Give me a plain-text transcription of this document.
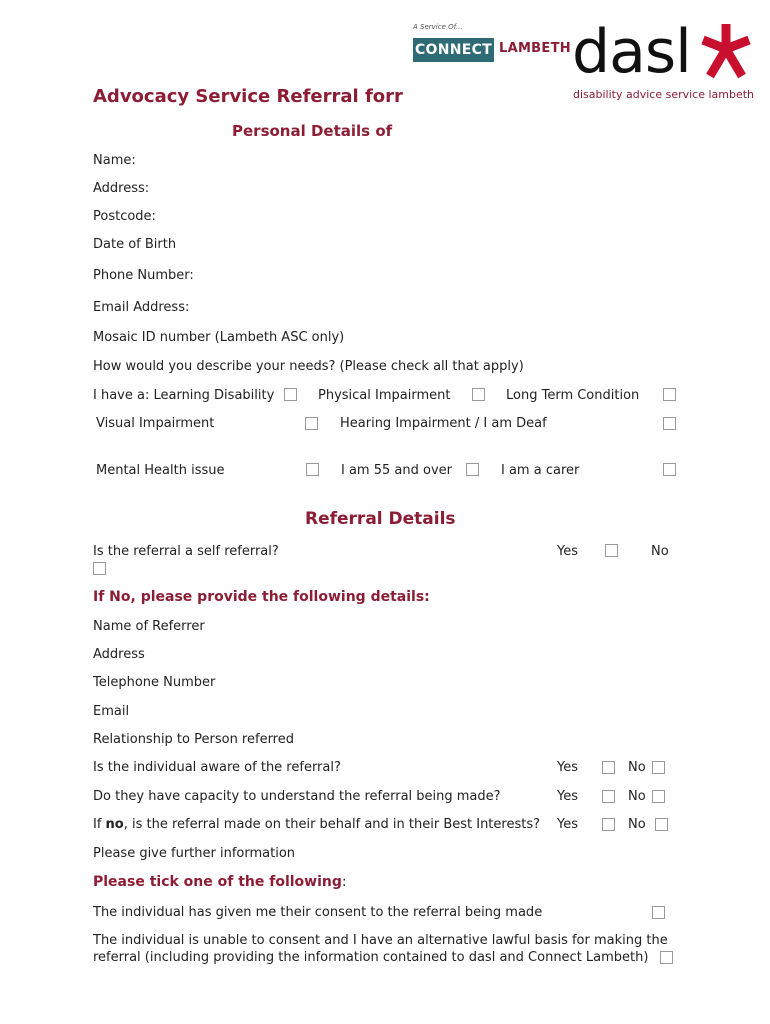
A Service Of...
CONNECT LAMBETH dasl
disability advice service lambeth
Advocacy Service Referral forr
Personal Details of
Name:
Address:
Postcode:
Date of Birth
Phone Number:
Email Address:
Mosaic ID number (Lambeth ASC only)
How would you describe your needs? (Please check all that apply)
I have a: Learning Disability	Physical Impairment	Long Term Condition
Visual Impairment	Hearing Impairment / I am Deaf
Mental Health issue	I am 55 and over	I am a carer
Referral Details
Is the referral a self referral?	Yes	No
If No, please provide the following details:
Name of Referrer
Address
Telephone Number
Email
Relationship to Person referred
Is the individual aware of the referral?	Yes	No
Do they have capacity to understand the referral being made?	Yes	No
If no, is the referral made on their behalf and in their Best Interests? Yes	No
Please give further information
Please tick one of the following:
The individual has given me their consent to the referral being made
The individual is unable to consent and I have an alternative lawful basis for making the
referral (including providing the information contained to dasl and Connect Lambeth)
